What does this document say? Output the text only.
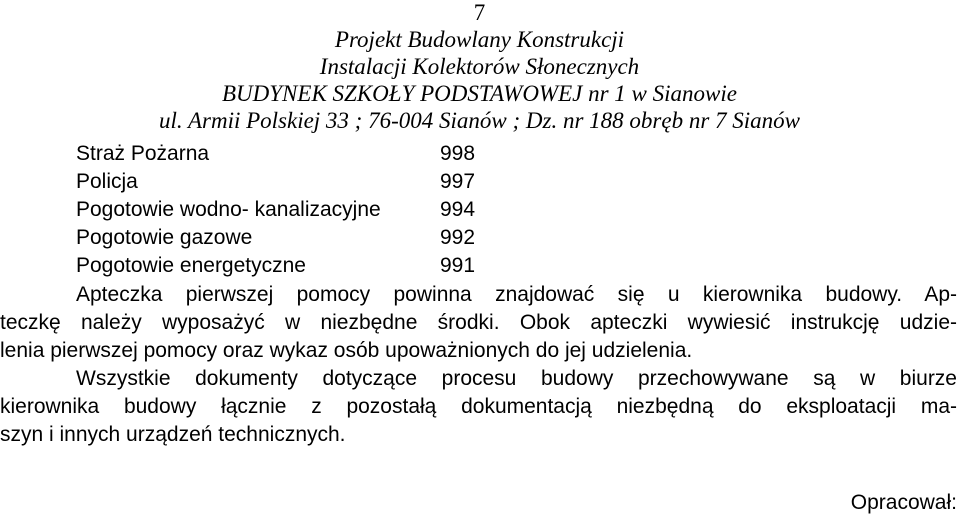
7
Projekt Budowlany Konstrukcji
Instalacji Kolektorów Słonecznych
BUDYNEK SZKOŁY PODSTAWOWEJ nr 1 w Sianowie
ul. Armii Polskiej 33 ; 76-004 Sianów ; Dz. nr 188 obręb nr 7 Sianów
Straż Pożarna	998
Policja	997
Pogotowie wodno- kanalizacyjne	994
Pogotowie gazowe	992
Pogotowie energetyczne	991
Apteczka pierwszej pomocy powinna znajdować się u kierownika budowy. Ap-
teczkę należy wyposażyć w niezbędne środki. Obok apteczki wywiesić instrukcję udzie-
lenia pierwszej pomocy oraz wykaz osób upoważnionych do jej udzielenia.
Wszystkie dokumenty dotyczące procesu budowy przechowywane są w biurze
kierownika budowy łącznie z pozostałą dokumentacją niezbędną do eksploatacji ma-
szyn i innych urządzeń technicznych.
Opracował:
